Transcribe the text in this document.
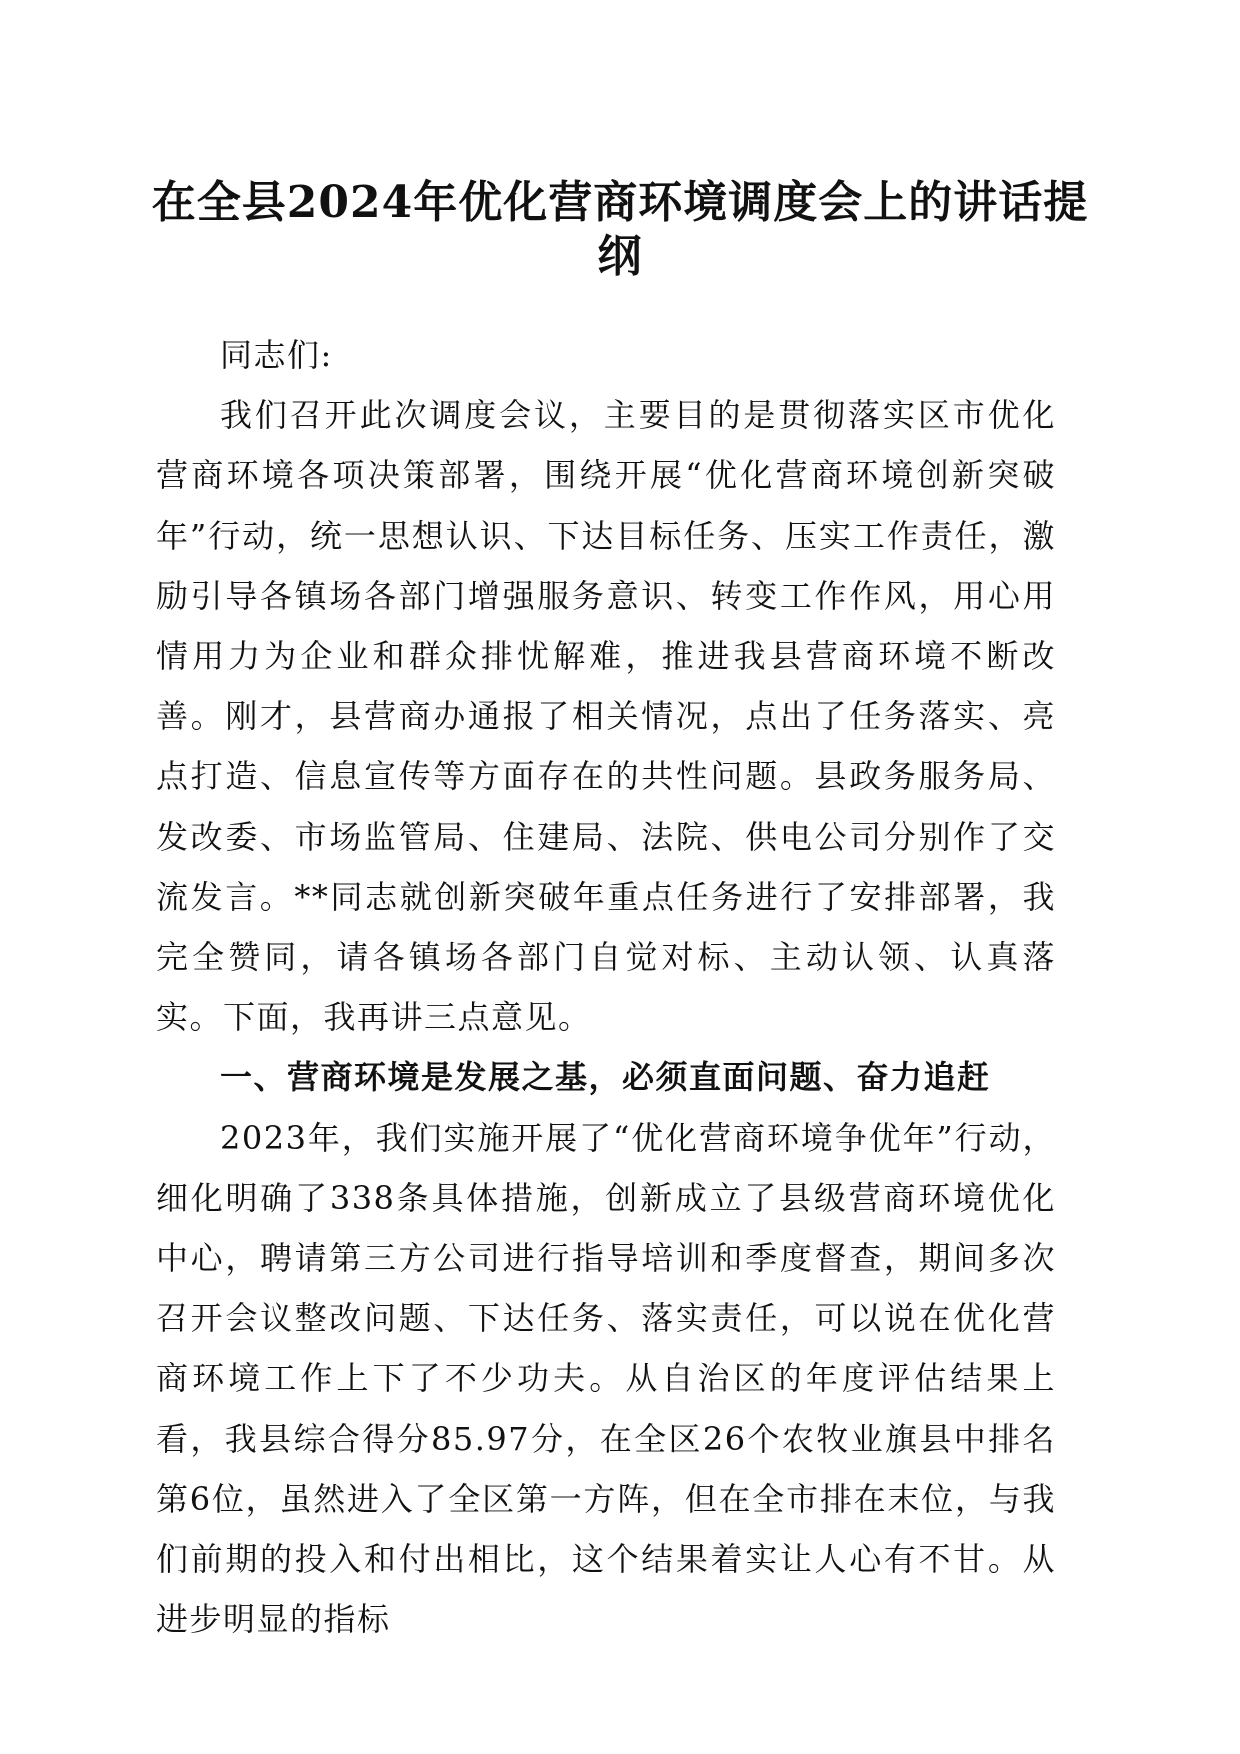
在全县2024年优化营商环境调度会上的讲话提纲

同志们:

我们召开此次调度会议，主要目的是贯彻落实区市优化营商环境各项决策部署，围绕开展“优化营商环境创新突破年”行动，统一思想认识、下达目标任务、压实工作责任，激励引导各镇场各部门增强服务意识、转变工作作风，用心用情用力为企业和群众排忧解难，推进我县营商环境不断改善。刚才，县营商办通报了相关情况，点出了任务落实、亮点打造、信息宣传等方面存在的共性问题。县政务服务局、发改委、市场监管局、住建局、法院、供电公司分别作了交流发言。**同志就创新突破年重点任务进行了安排部署，我完全赞同，请各镇场各部门自觉对标、主动认领、认真落实。下面，我再讲三点意见。

一、营商环境是发展之基，必须直面问题、奋力追赶

2023年，我们实施开展了“优化营商环境争优年”行动，细化明确了338条具体措施，创新成立了县级营商环境优化中心，聘请第三方公司进行指导培训和季度督查，期间多次召开会议整改问题、下达任务、落实责任，可以说在优化营商环境工作上下了不少功夫。从自治区的年度评估结果上看，我县综合得分85.97分，在全区26个农牧业旗县中排名第6位，虽然进入了全区第一方阵，但在全市排在末位，与我们前期的投入和付出相比，这个结果着实让人心有不甘。从进步明显的指标
